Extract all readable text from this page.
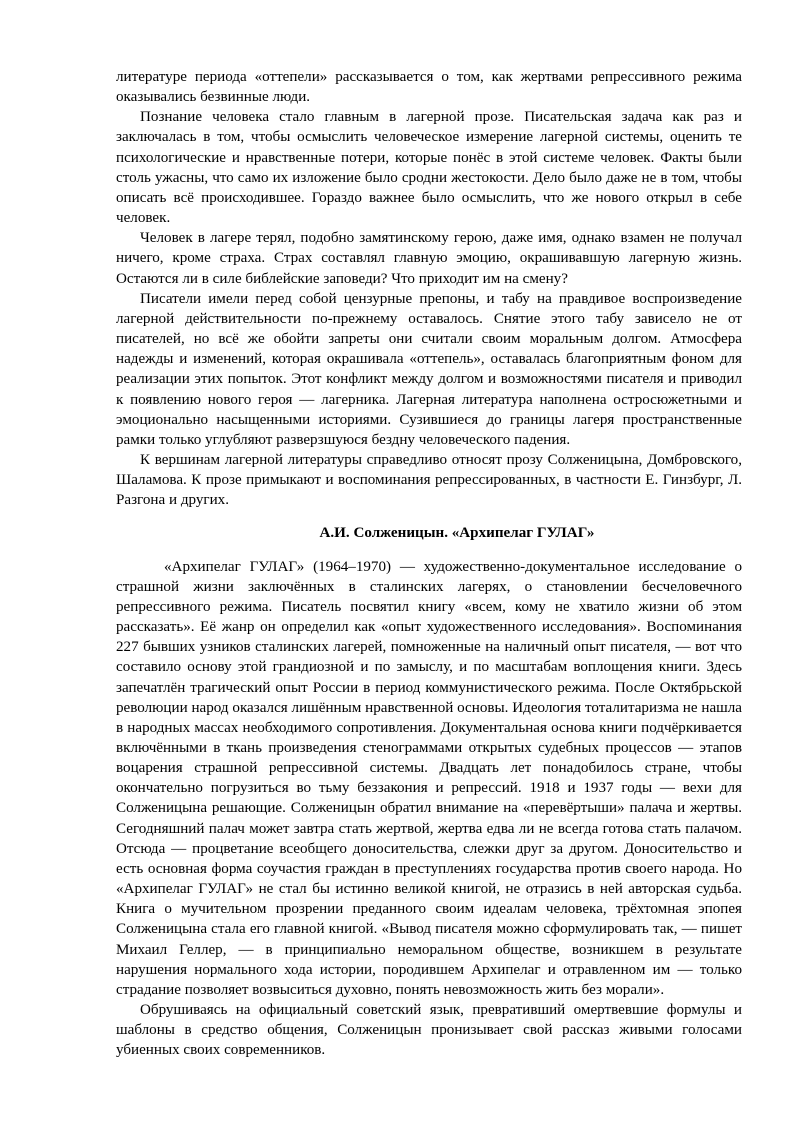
литературе периода «оттепели» рассказывается о том, как жертвами репрессивного режима оказывались безвинные люди.

Познание человека стало главным в лагерной прозе. Писательская задача как раз и заключалась в том, чтобы осмыслить человеческое измерение лагерной системы, оценить те психологические и нравственные потери, которые понёс в этой системе человек. Факты были столь ужасны, что само их изложение было сродни жестокости. Дело было даже не в том, чтобы описать всё происходившее. Гораздо важнее было осмыслить, что же нового открыл в себе человек.

Человек в лагере терял, подобно замятинскому герою, даже имя, однако взамен не получал ничего, кроме страха. Страх составлял главную эмоцию, окрашивавшую лагерную жизнь. Остаются ли в силе библейские заповеди? Что приходит им на смену?

Писатели имели перед собой цензурные препоны, и табу на правдивое воспроизведение лагерной действительности по-прежнему оставалось. Снятие этого табу зависело не от писателей, но всё же обойти запреты они считали своим моральным долгом. Атмосфера надежды и изменений, которая окрашивала «оттепель», оставалась благоприятным фоном для реализации этих попыток. Этот конфликт между долгом и возможностями писателя и приводил к появлению нового героя — лагерника. Лагерная литература наполнена остросюжетными и эмоционально насыщенными историями. Сузившиеся до границы лагеря пространственные рамки только углубляют разверзшуюся бездну человеческого падения.

К вершинам лагерной литературы справедливо относят прозу Солженицына, Домбровского, Шаламова. К прозе примыкают и воспоминания репрессированных, в частности Е. Гинзбург, Л. Разгона и других.

А.И. Солженицын. «Архипелаг ГУЛАГ»

«Архипелаг ГУЛАГ» (1964–1970) — художественно-документальное исследование о страшной жизни заключённых в сталинских лагерях, о становлении бесчеловечного репрессивного режима. Писатель посвятил книгу «всем, кому не хватило жизни об этом рассказать». Её жанр он определил как «опыт художественного исследования». Воспоминания 227 бывших узников сталинских лагерей, помноженные на наличный опыт писателя, — вот что составило основу этой грандиозной и по замыслу, и по масштабам воплощения книги. Здесь запечатлён трагический опыт России в период коммунистического режима. После Октябрьской революции народ оказался лишённым нравственной основы. Идеология тоталитаризма не нашла в народных массах необходимого сопротивления. Документальная основа книги подчёркивается включёнными в ткань произведения стенограммами открытых судебных процессов — этапов воцарения страшной репрессивной системы. Двадцать лет понадобилось стране, чтобы окончательно погрузиться во тьму беззакония и репрессий. 1918 и 1937 годы — вехи для Солженицына решающие. Солженицын обратил внимание на «перевёртыши» палача и жертвы. Сегодняшний палач может завтра стать жертвой, жертва едва ли не всегда готова стать палачом. Отсюда — процветание всеобщего доносительства, слежки друг за другом. Доносительство и есть основная форма соучастия граждан в преступлениях государства против своего народа. Но «Архипелаг ГУЛАГ» не стал бы истинно великой книгой, не отразись в ней авторская судьба. Книга о мучительном прозрении преданного своим идеалам человека, трёхтомная эпопея Солженицына стала его главной книгой. «Вывод писателя можно сформулировать так, — пишет Михаил Геллер, — в принципиально неморальном обществе, возникшем в результате нарушения нормального хода истории, породившем Архипелаг и отравленном им — только страдание позволяет возвыситься духовно, понять невозможность жить без морали».

Обрушиваясь на официальный советский язык, превративший омертвевшие формулы и шаблоны в средство общения, Солженицын пронизывает свой рассказ живыми голосами убиенных своих современников.
